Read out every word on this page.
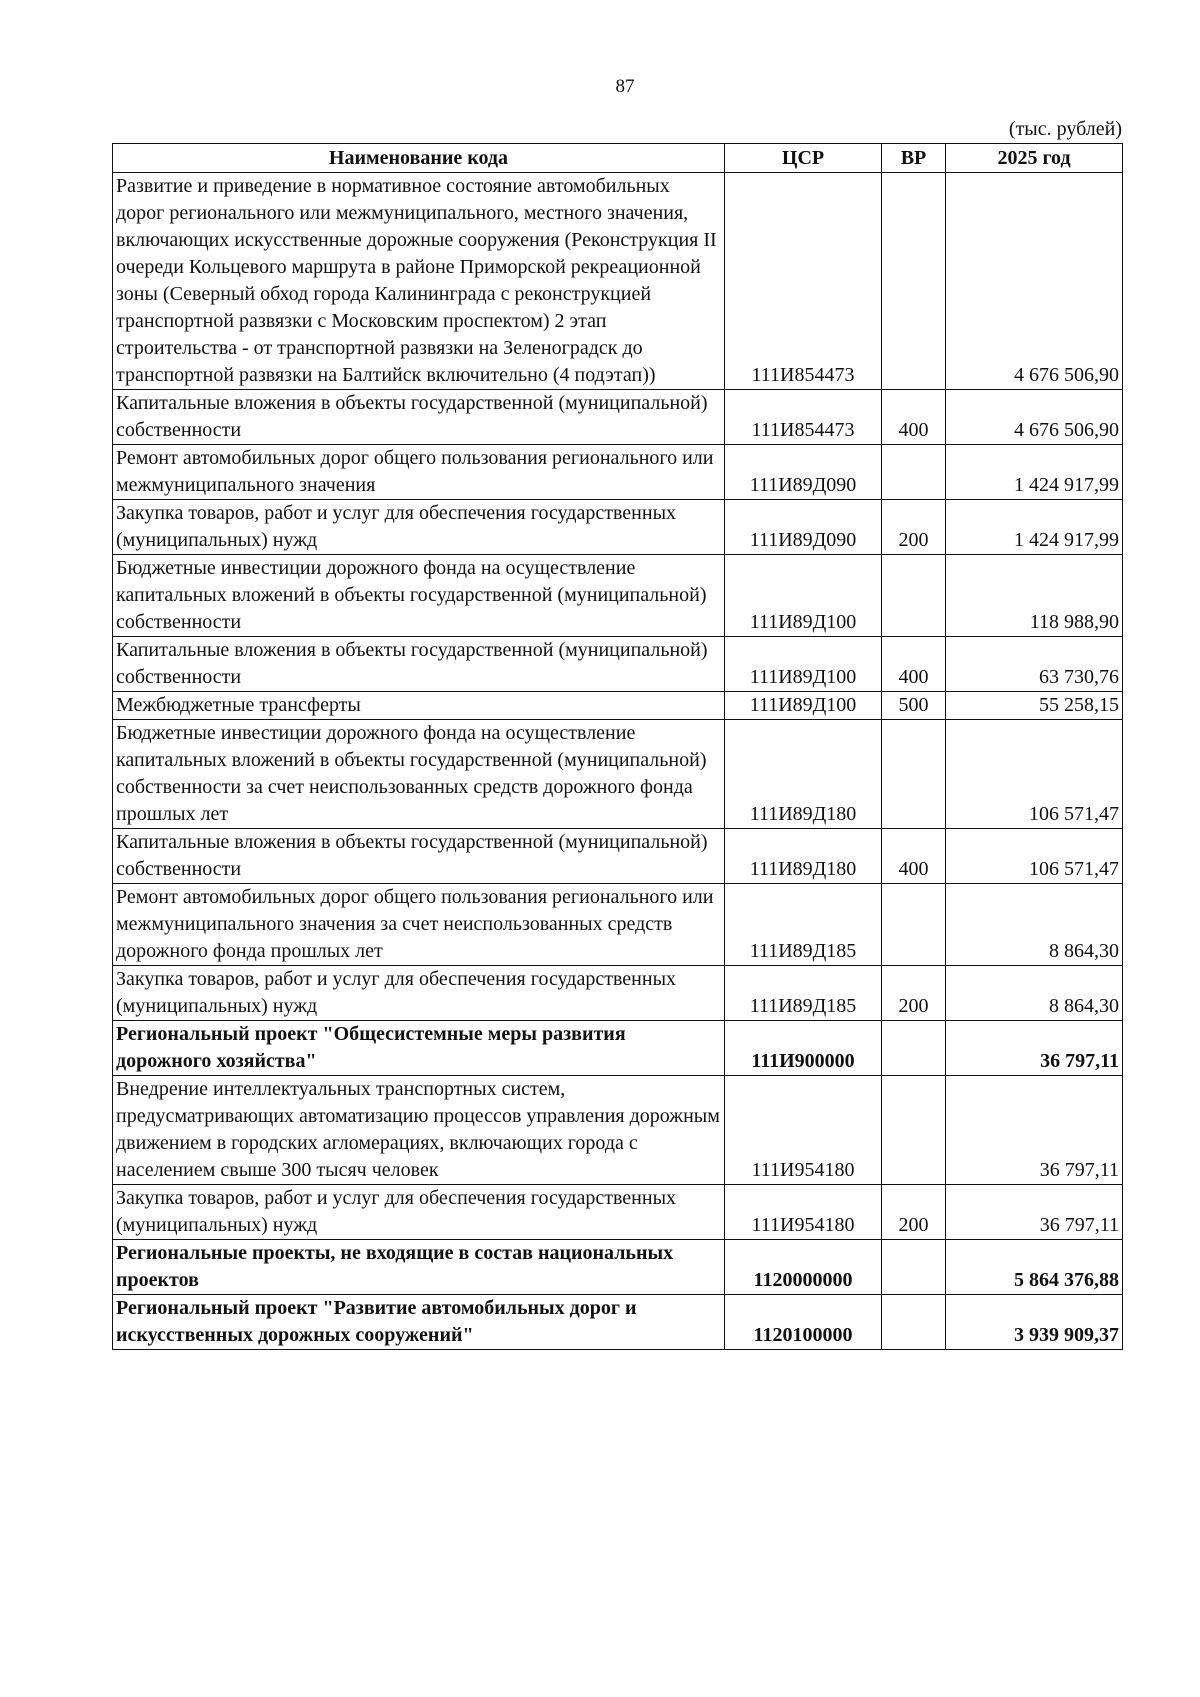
87
(тыс. рублей)
Наименование кода	ЦСР	ВР	2025 год
Развитие и приведение в нормативное состояние автомобильных дорог регионального или межмуниципального, местного значения, включающих искусственные дорожные сооружения (Реконструкция II очереди Кольцевого маршрута в районе Приморской рекреационной зоны (Северный обход города Калининграда с реконструкцией транспортной развязки с Московским проспектом) 2 этап строительства - от транспортной развязки на Зеленоградск до транспортной развязки на Балтийск включительно (4 подэтап))	111И854473		4 676 506,90
Капитальные вложения в объекты государственной (муниципальной) собственности	111И854473	400	4 676 506,90
Ремонт автомобильных дорог общего пользования регионального или межмуниципального значения	111И89Д090		1 424 917,99
Закупка товаров, работ и услуг для обеспечения государственных (муниципальных) нужд	111И89Д090	200	1 424 917,99
Бюджетные инвестиции дорожного фонда на осуществление капитальных вложений в объекты государственной (муниципальной) собственности	111И89Д100		118 988,90
Капитальные вложения в объекты государственной (муниципальной) собственности	111И89Д100	400	63 730,76
Межбюджетные трансферты	111И89Д100	500	55 258,15
Бюджетные инвестиции дорожного фонда на осуществление капитальных вложений в объекты государственной (муниципальной) собственности за счет неиспользованных средств дорожного фонда прошлых лет	111И89Д180		106 571,47
Капитальные вложения в объекты государственной (муниципальной) собственности	111И89Д180	400	106 571,47
Ремонт автомобильных дорог общего пользования регионального или межмуниципального значения за счет неиспользованных средств дорожного фонда прошлых лет	111И89Д185		8 864,30
Закупка товаров, работ и услуг для обеспечения государственных (муниципальных) нужд	111И89Д185	200	8 864,30
Региональный проект "Общесистемные меры развития дорожного хозяйства"	111И900000		36 797,11
Внедрение интеллектуальных транспортных систем, предусматривающих автоматизацию процессов управления дорожным движением в городских агломерациях, включающих города с населением свыше 300 тысяч человек	111И954180		36 797,11
Закупка товаров, работ и услуг для обеспечения государственных (муниципальных) нужд	111И954180	200	36 797,11
Региональные проекты, не входящие в состав национальных проектов	1120000000		5 864 376,88
Региональный проект "Развитие автомобильных дорог и искусственных дорожных сооружений"	1120100000		3 939 909,37
